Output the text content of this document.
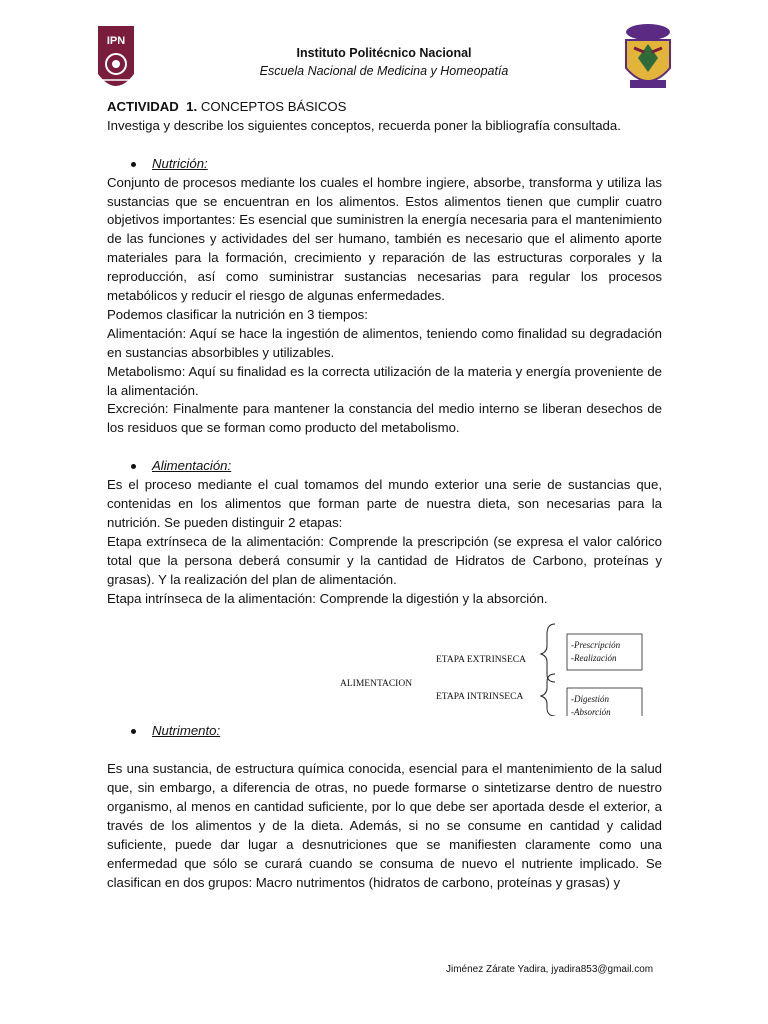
IPN
Instituto Politécnico Nacional
Escuela Nacional de Medicina y Homeopatía

ACTIVIDAD 1. CONCEPTOS BÁSICOS

Investiga y describe los siguientes conceptos, recuerda poner la bibliografía consultada.

Nutrición:

Conjunto de procesos mediante los cuales el hombre ingiere, absorbe, transforma y utiliza las sustancias que se encuentran en los alimentos. Estos alimentos tienen que cumplir cuatro objetivos importantes: Es esencial que suministren la energía necesaria para el mantenimiento de las funciones y actividades del ser humano, también es necesario que el alimento aporte materiales para la formación, crecimiento y reparación de las estructuras corporales y la reproducción, así como suministrar sustancias necesarias para regular los procesos metabólicos y reducir el riesgo de algunas enfermedades.

Podemos clasificar la nutrición en 3 tiempos:

Alimentación: Aquí se hace la ingestión de alimentos, teniendo como finalidad su degradación en sustancias absorbibles y utilizables.

Metabolismo: Aquí su finalidad es la correcta utilización de la materia y energía proveniente de la alimentación.

Excreción: Finalmente para mantener la constancia del medio interno se liberan desechos de los residuos que se forman como producto del metabolismo.

Alimentación:

Es el proceso mediante el cual tomamos del mundo exterior una serie de sustancias que, contenidas en los alimentos que forman parte de nuestra dieta, son necesarias para la nutrición. Se pueden distinguir 2 etapas:

Etapa extrínseca de la alimentación: Comprende la prescripción (se expresa el valor calórico total que la persona deberá consumir y la cantidad de Hidratos de Carbono, proteínas y grasas). Y la realización del plan de alimentación.

Etapa intrínseca de la alimentación: Comprende la digestión y la absorción.

ALIMENTACION
ETAPA EXTRINSECA
ETAPA INTRINSECA
-Prescripción
-Realización
-Digestión
-Absorción
Nutrimento:

Es una sustancia, de estructura química conocida, esencial para el mantenimiento de la salud que, sin embargo, a diferencia de otras, no puede formarse o sintetizarse dentro de nuestro organismo, al menos en cantidad suficiente, por lo que debe ser aportada desde el exterior, a través de los alimentos y de la dieta. Además, si no se consume en cantidad y calidad suficiente, puede dar lugar a desnutriciones que se manifiesten claramente como una enfermedad que sólo se curará cuando se consuma de nuevo el nutriente implicado. Se clasifican en dos grupos: Macro nutrimentos (hidratos de carbono, proteínas y grasas) y

Jiménez Zárate Yadira, jyadira853@gmail.com
